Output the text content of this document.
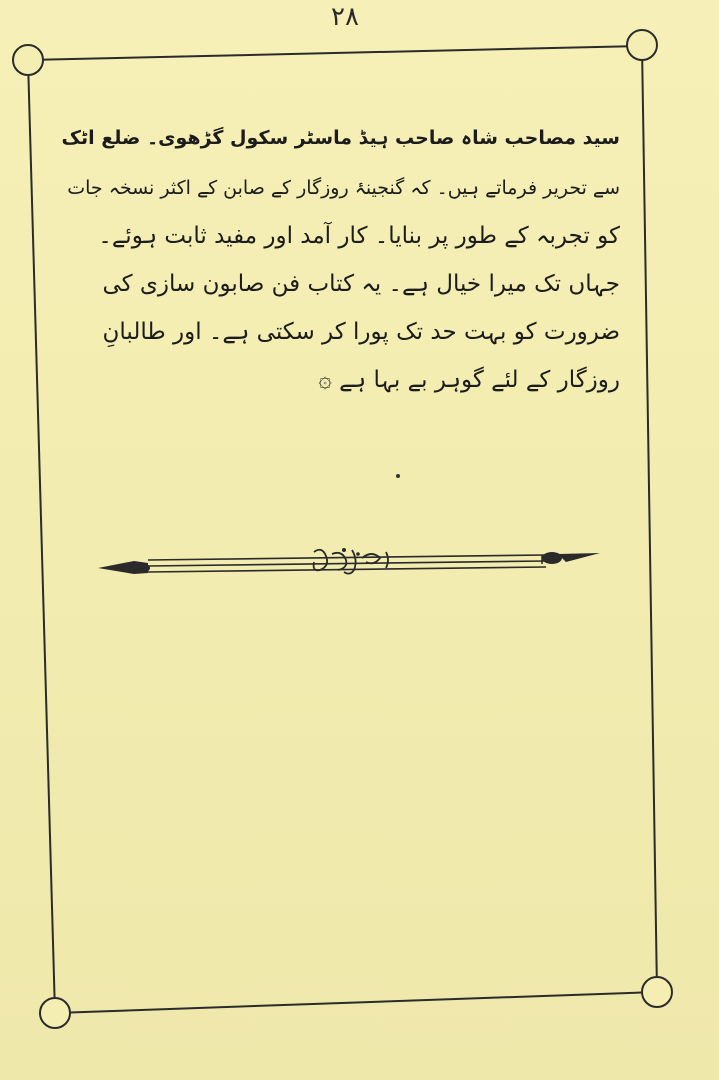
۲۸
سید مصاحب شاہ صاحب ہیڈ ماسٹر سکول گڑھوی۔ ضلع اٹک
سے تحریر فرماتے ہیں۔ کہ گنجینۂ روزگار کے صابن کے اکثر نسخہ جات
کو تجربہ کے طور پر بنایا۔ کار آمد اور مفید ثابت ہوئے۔
جہاں تک میرا خیال ہے۔ یہ کتاب فن صابون سازی کی
ضرورت کو بہت حد تک پورا کر سکتی ہے۔ اور طالبانِ
روزگار کے لئے گوہر بے بہا ہے ۞
